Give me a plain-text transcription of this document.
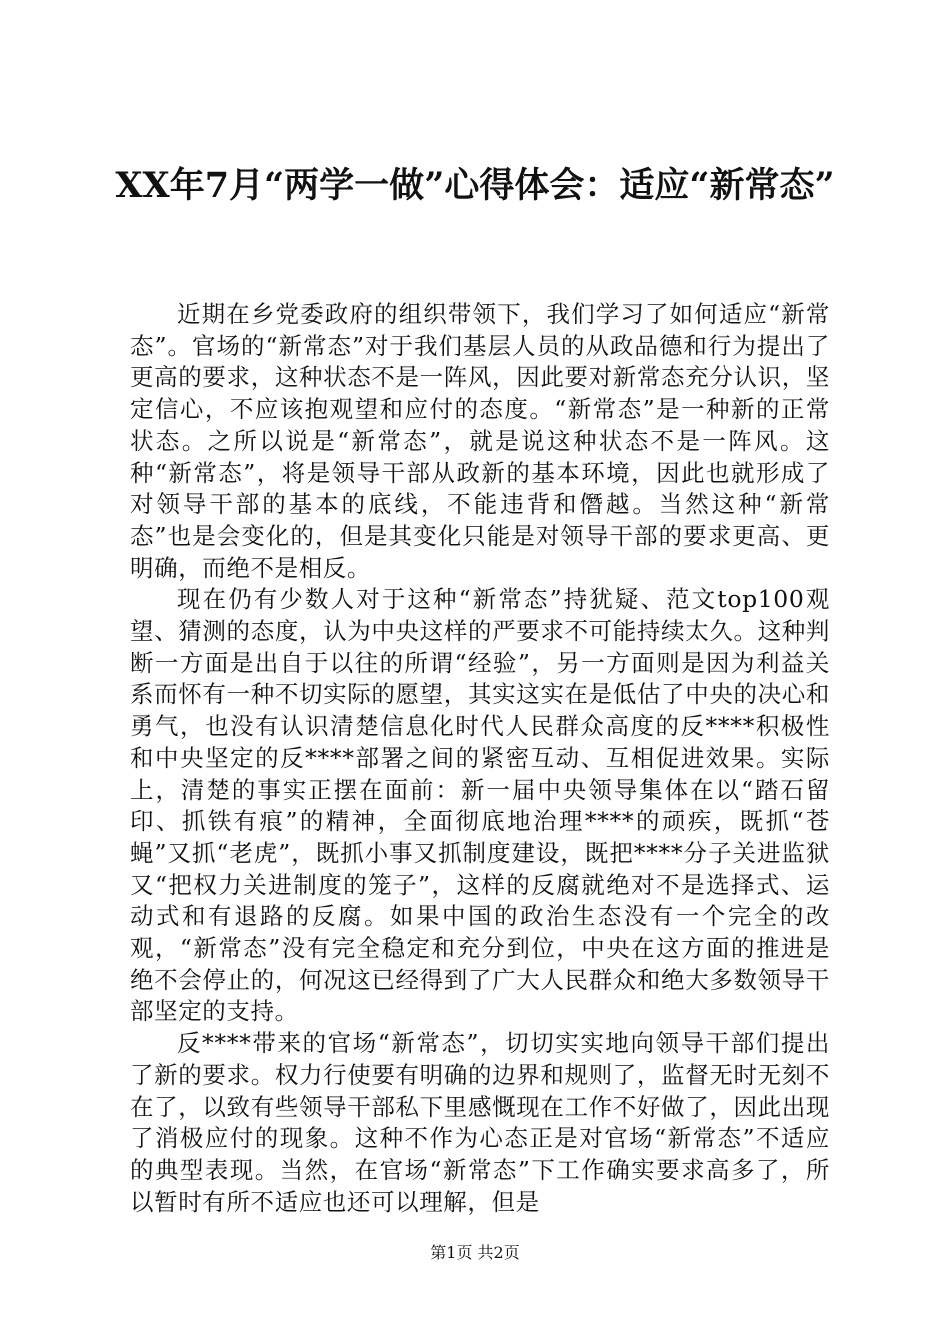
XX年7月“两学一做”心得体会：适应“新常态”

近期在乡党委政府的组织带领下，我们学习了如何适应“新常态”。官场的“新常态”对于我们基层人员的从政品德和行为提出了更高的要求，这种状态不是一阵风，因此要对新常态充分认识，坚定信心，不应该抱观望和应付的态度。“新常态”是一种新的正常状态。之所以说是“新常态”，就是说这种状态不是一阵风。这种“新常态”，将是领导干部从政新的基本环境，因此也就形成了对领导干部的基本的底线，不能违背和僭越。当然这种“新常态”也是会变化的，但是其变化只能是对领导干部的要求更高、更明确，而绝不是相反。

现在仍有少数人对于这种“新常态”持犹疑、范文top100观望、猜测的态度，认为中央这样的严要求不可能持续太久。这种判断一方面是出自于以往的所谓“经验”，另一方面则是因为利益关系而怀有一种不切实际的愿望，其实这实在是低估了中央的决心和勇气，也没有认识清楚信息化时代人民群众高度的反****积极性和中央坚定的反****部署之间的紧密互动、互相促进效果。实际上，清楚的事实正摆在面前：新一届中央领导集体在以“踏石留印、抓铁有痕”的精神，全面彻底地治理****的顽疾，既抓“苍蝇”又抓“老虎”，既抓小事又抓制度建设，既把****分子关进监狱又“把权力关进制度的笼子”，这样的反腐就绝对不是选择式、运动式和有退路的反腐。如果中国的政治生态没有一个完全的改观，“新常态”没有完全稳定和充分到位，中央在这方面的推进是绝不会停止的，何况这已经得到了广大人民群众和绝大多数领导干部坚定的支持。

反****带来的官场“新常态”，切切实实地向领导干部们提出了新的要求。权力行使要有明确的边界和规则了，监督无时无刻不在了，以致有些领导干部私下里感慨现在工作不好做了，因此出现了消极应付的现象。这种不作为心态正是对官场“新常态”不适应的典型表现。当然，在官场“新常态”下工作确实要求高多了，所以暂时有所不适应也还可以理解，但是

第1页 共2页
